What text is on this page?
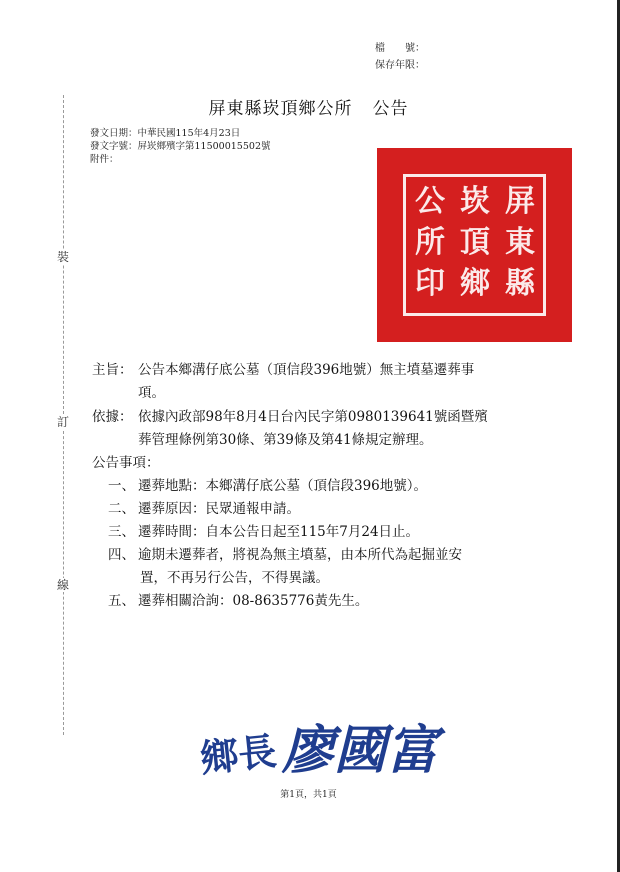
裝
訂
線
檔　　號：
保存年限：
屏東縣崁頂鄉公所 公告
發文日期：中華民國115年4月23日
發文字號：屏崁鄉殯字第11500015502號
附件：
屏東縣
崁頂鄉
公所印
主旨： 公告本鄉溝仔底公墓（頂信段396地號）無主墳墓遷葬事
項。
依據： 依據內政部98年8月4日台內民字第0980139641號函暨殯
葬管理條例第30條、第39條及第41條規定辦理。
公告事項：
一、 遷葬地點：本鄉溝仔底公墓（頂信段396地號）。
二、 遷葬原因：民眾通報申請。
三、 遷葬時間：自本公告日起至115年7月24日止。
四、 逾期未遷葬者，將視為無主墳墓，由本所代為起掘並安
置，不再另行公告，不得異議。
五、 遷葬相關洽詢：08-8635776黃先生。
鄉長廖國富
第1頁，共1頁
